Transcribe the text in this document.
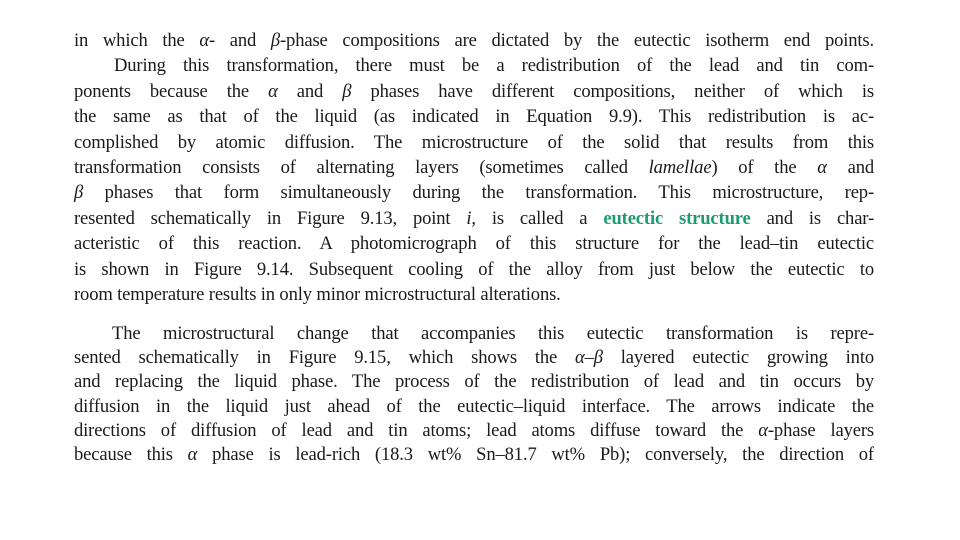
in which the α- and β-phase compositions are dictated by the eutectic isotherm end points.
During this transformation, there must be a redistribution of the lead and tin com-
ponents because the α and β phases have different compositions, neither of which is
the same as that of the liquid (as indicated in Equation 9.9). This redistribution is ac-
complished by atomic diffusion. The microstructure of the solid that results from this
transformation consists of alternating layers (sometimes called lamellae) of the α and
β phases that form simultaneously during the transformation. This microstructure, rep-
resented schematically in Figure 9.13, point i, is called a eutectic structure and is char-
acteristic of this reaction. A photomicrograph of this structure for the lead–tin eutectic
is shown in Figure 9.14. Subsequent cooling of the alloy from just below the eutectic to
room temperature results in only minor microstructural alterations.
The microstructural change that accompanies this eutectic transformation is repre-
sented schematically in Figure 9.15, which shows the α–β layered eutectic growing into
and replacing the liquid phase. The process of the redistribution of lead and tin occurs by
diffusion in the liquid just ahead of the eutectic–liquid interface. The arrows indicate the
directions of diffusion of lead and tin atoms; lead atoms diffuse toward the α-phase layers
because this α phase is lead-rich (18.3 wt% Sn–81.7 wt% Pb); conversely, the direction of
